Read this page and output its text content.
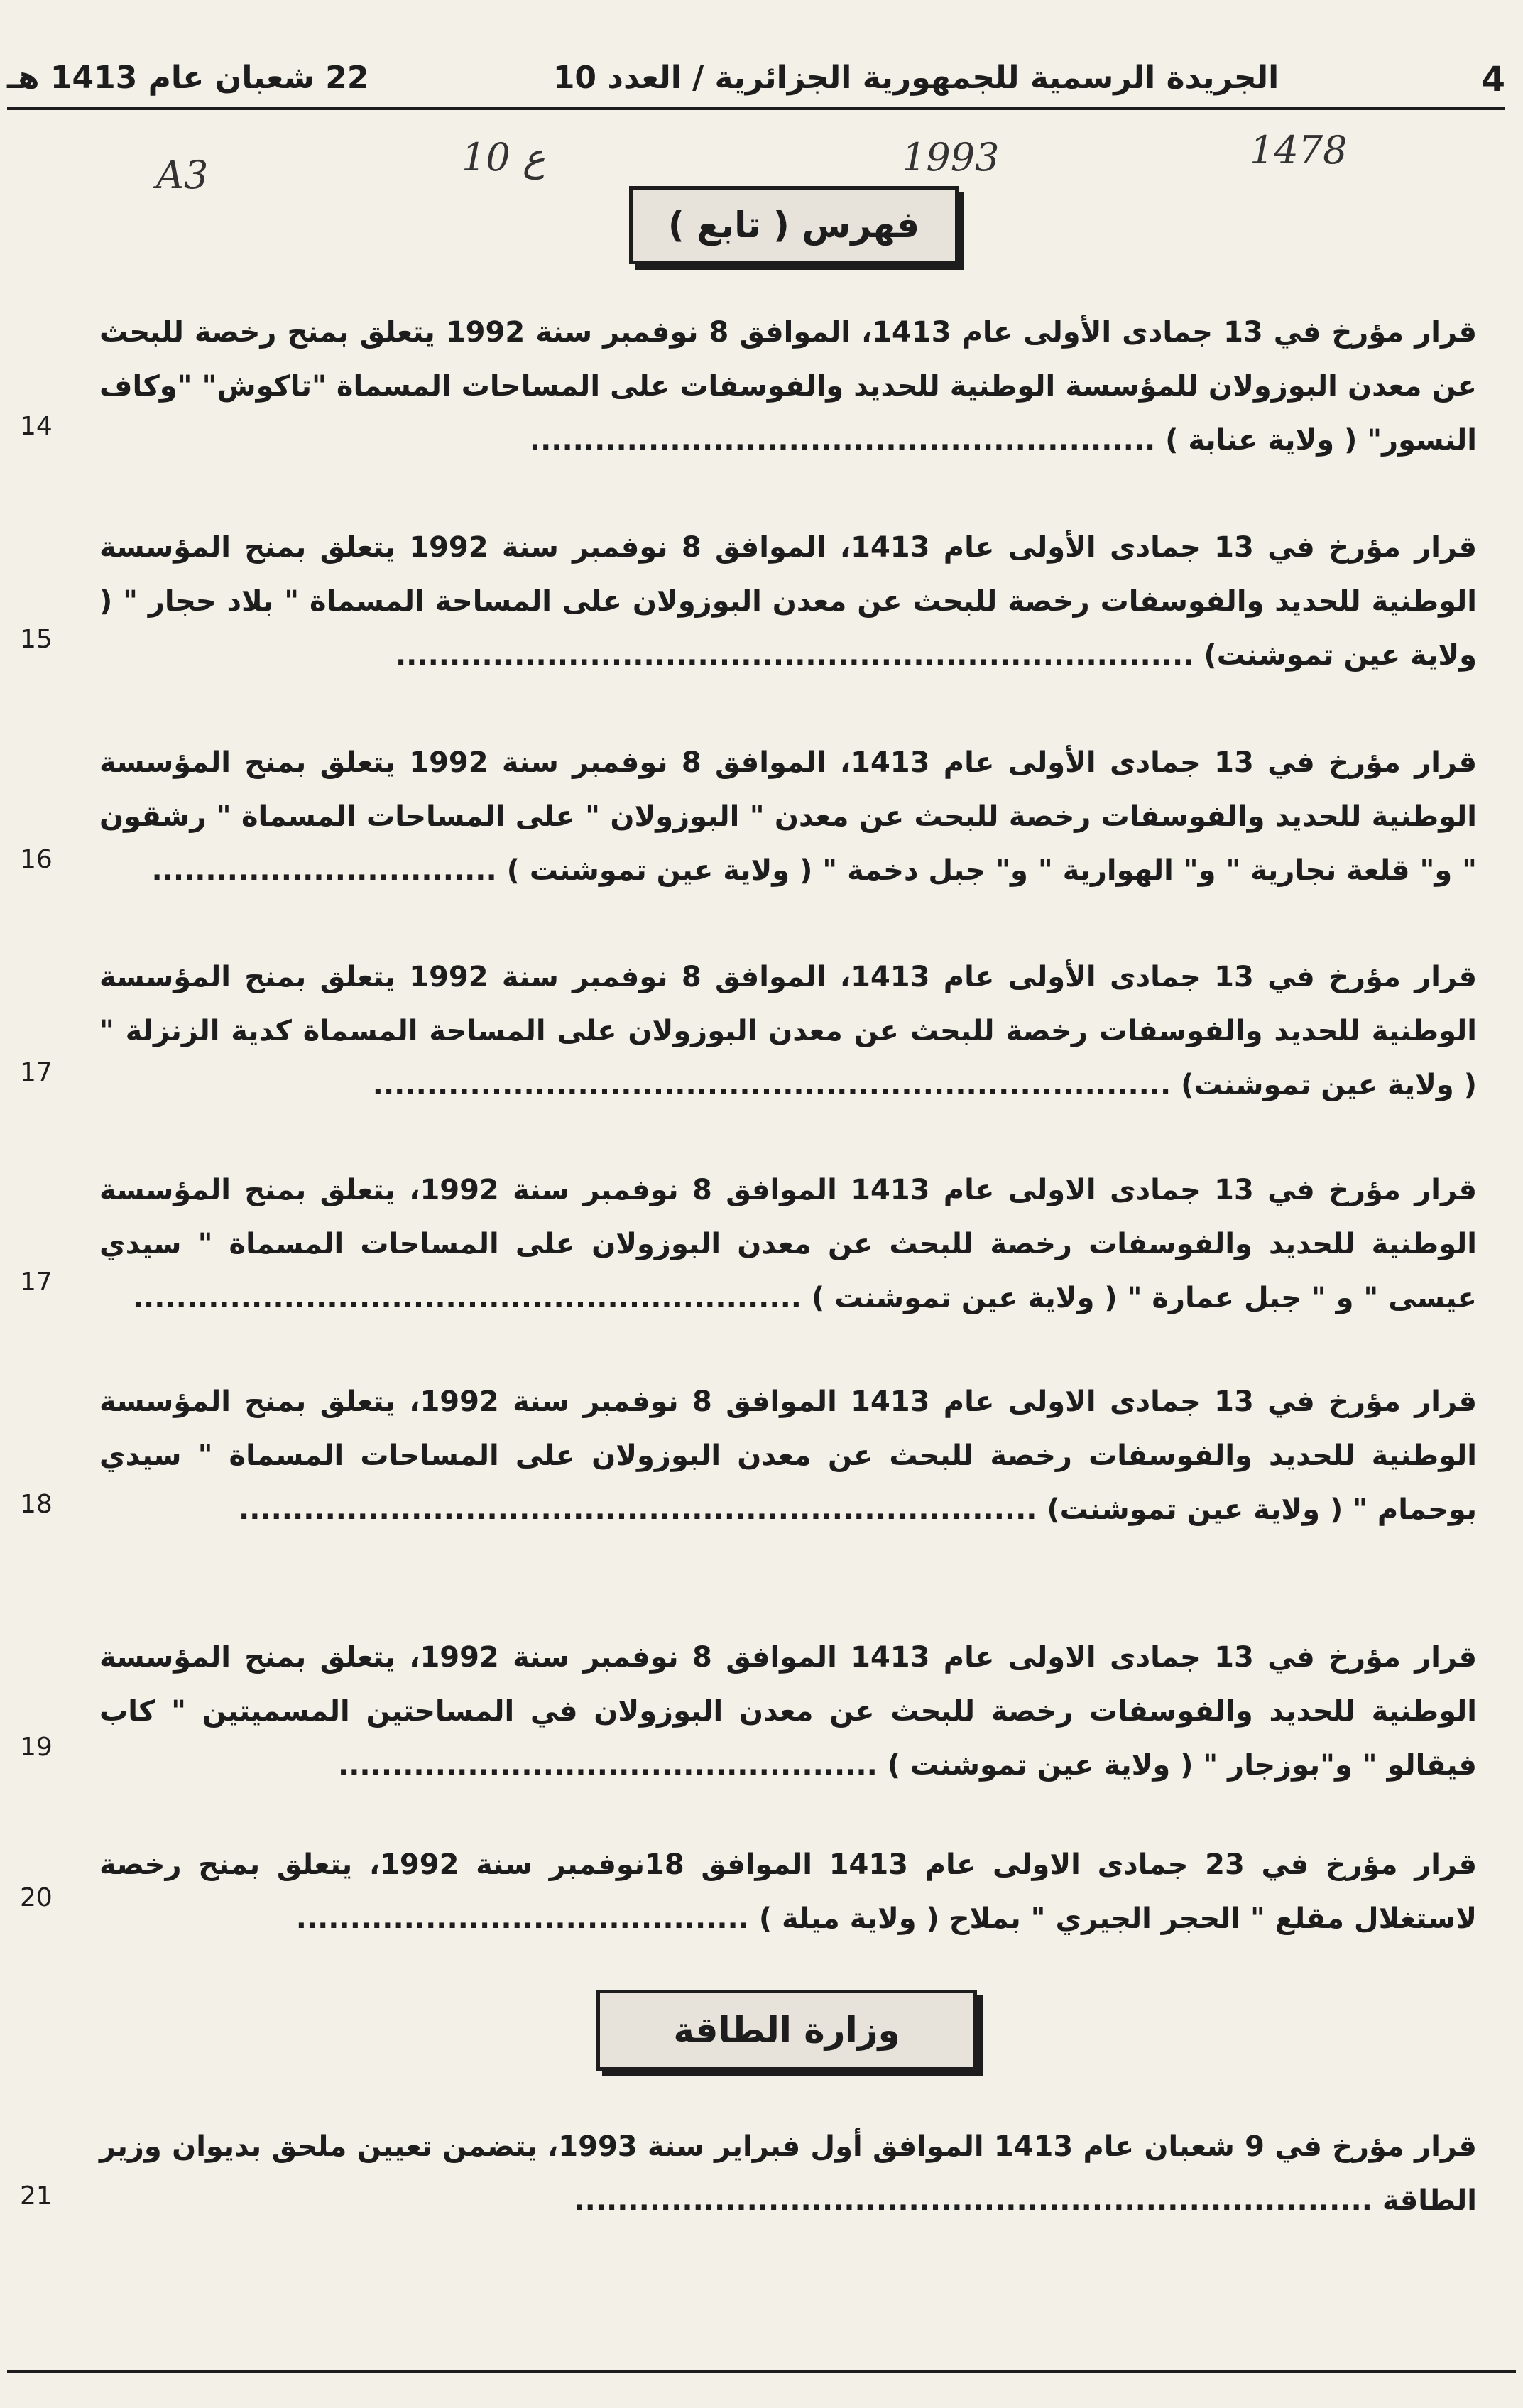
4
الجريدة الرسمية للجمهورية الجزائرية / العدد 10
22 شعبان عام 1413 هـ
1478
1993
10 ع
A3
فهرس ( تابع )

قرار مؤرخ في 13 جمادى الأولى عام 1413، الموافق 8 نوفمبر سنة 1992 يتعلق بمنح رخصة للبحث عن معدن البوزولان للمؤسسة الوطنية للحديد والفوسفات على المساحات المسماة "تاكوش" "وكاف النسور" ( ولاية عنابة ) ..........................................................

14

قرار مؤرخ في 13 جمادى الأولى عام 1413، الموافق 8 نوفمبر سنة 1992 يتعلق بمنح المؤسسة الوطنية للحديد والفوسفات رخصة للبحث عن معدن البوزولان على المساحة المسماة " بلاد حجار " ( ولاية عين تموشنت) ..........................................................................

15

قرار مؤرخ في 13 جمادى الأولى عام 1413، الموافق 8 نوفمبر سنة 1992 يتعلق بمنح المؤسسة الوطنية للحديد والفوسفات رخصة للبحث عن معدن " البوزولان " على المساحات المسماة " رشقون " و" قلعة نجارية " و" الهوارية " و" جبل دخمة " ( ولاية عين تموشنت ) ................................

16

قرار مؤرخ في 13 جمادى الأولى عام 1413، الموافق 8 نوفمبر سنة 1992 يتعلق بمنح المؤسسة الوطنية للحديد والفوسفات رخصة للبحث عن معدن البوزولان على المساحة المسماة كدية الزنزلة " ( ولاية عين تموشنت) ..........................................................................

17

قرار مؤرخ في 13 جمادى الاولى عام 1413 الموافق 8 نوفمبر سنة 1992، يتعلق بمنح المؤسسة الوطنية للحديد والفوسفات رخصة للبحث عن معدن البوزولان على المساحات المسماة " سيدي عيسى " و " جبل عمارة " ( ولاية عين تموشنت ) ..............................................................

17

قرار مؤرخ في 13 جمادى الاولى عام 1413 الموافق 8 نوفمبر سنة 1992، يتعلق بمنح المؤسسة الوطنية للحديد والفوسفات رخصة للبحث عن معدن البوزولان على المساحات المسماة " سيدي بوحمام " ( ولاية عين تموشنت) ..........................................................................

18

قرار مؤرخ في 13 جمادى الاولى عام 1413 الموافق 8 نوفمبر سنة 1992، يتعلق بمنح المؤسسة الوطنية للحديد والفوسفات رخصة للبحث عن معدن البوزولان في المساحتين المسميتين " كاب فيقالو " و"بوزجار " ( ولاية عين تموشنت ) ..................................................

19

قرار مؤرخ في 23 جمادى الاولى عام 1413 الموافق 18نوفمبر سنة 1992، يتعلق بمنح رخصة لاستغلال مقلع " الحجر الجيري " بملاح ( ولاية ميلة ) ..........................................

20
وزارة الطاقة

قرار مؤرخ في 9 شعبان عام 1413 الموافق أول فبراير سنة 1993، يتضمن تعيين ملحق بديوان وزير الطاقة ..........................................................................

21
